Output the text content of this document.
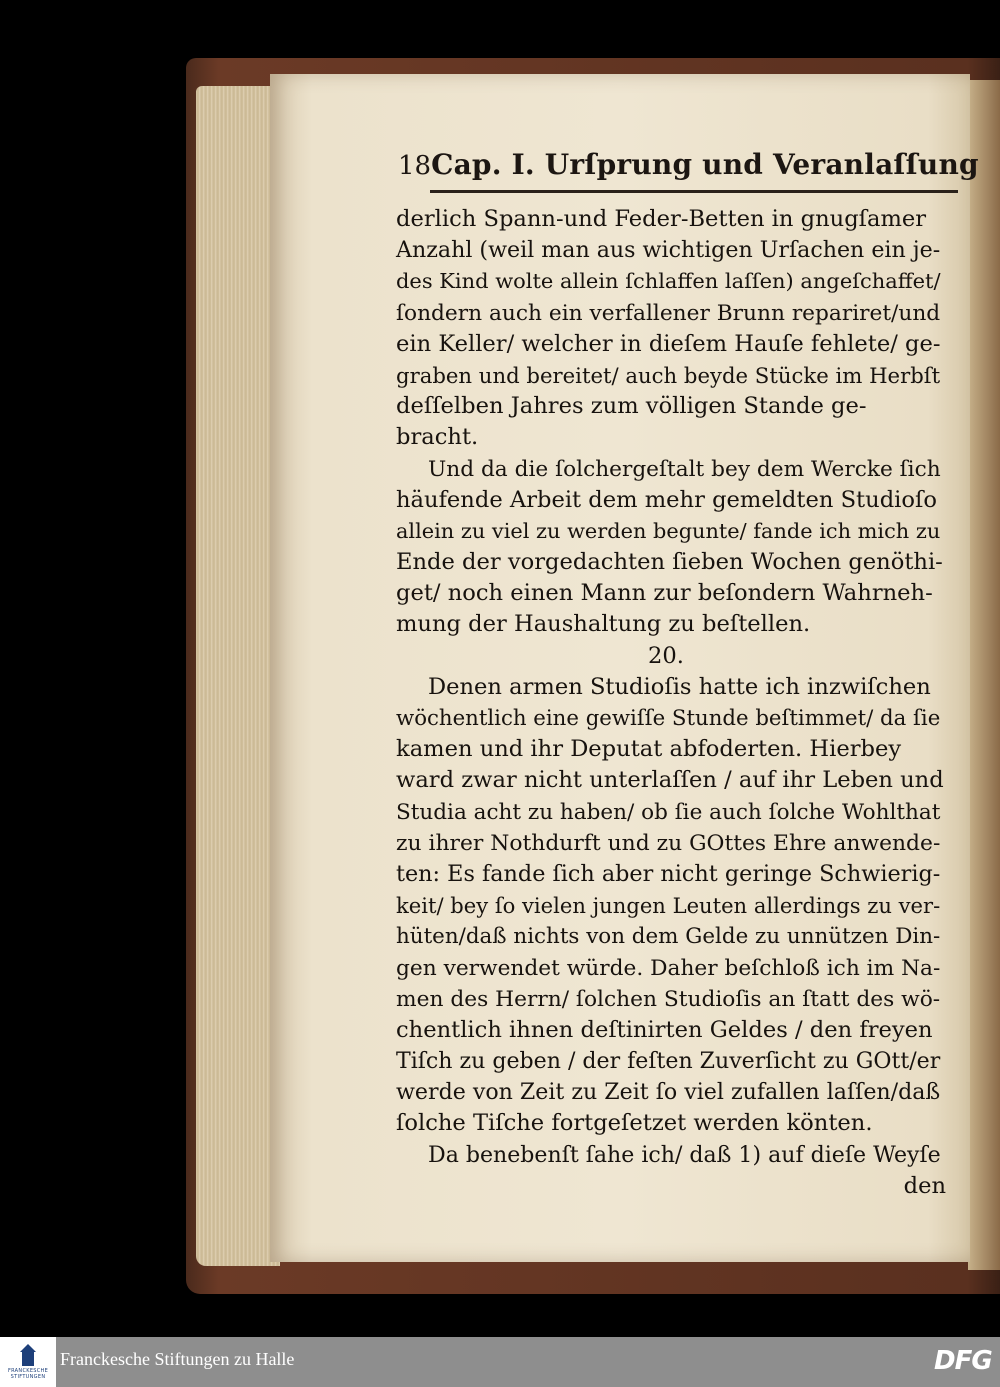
18 Cap. I. Urſprung und Veranlaſſung
derlich Spann-und Feder-Betten in gnugſamer
Anzahl (weil man aus wichtigen Urſachen ein je-
des Kind wolte allein ſchlaffen laſſen) angeſchaffet/
ſondern auch ein verfallener Brunn repariret/und
ein Keller/ welcher in dieſem Hauſe fehlete/ ge-
graben und bereitet/ auch beyde Stücke im Herbſt
deſſelben Jahres zum völligen Stande ge-
bracht.
Und da die ſolchergeſtalt bey dem Wercke ſich
häufende Arbeit dem mehr gemeldten Studioſo
allein zu viel zu werden begunte/ fande ich mich zu
Ende der vorgedachten ſieben Wochen genöthi-
get/ noch einen Mann zur beſondern Wahrneh-
mung der Haushaltung zu beſtellen.
20.
Denen armen Studioſis hatte ich inzwiſchen
wöchentlich eine gewiſſe Stunde beſtimmet/ da ſie
kamen und ihr Deputat abfoderten. Hierbey
ward zwar nicht unterlaſſen / auf ihr Leben und
Studia acht zu haben/ ob ſie auch ſolche Wohlthat
zu ihrer Nothdurft und zu GOttes Ehre anwende-
ten: Es fande ſich aber nicht geringe Schwierig-
keit/ bey ſo vielen jungen Leuten allerdings zu ver-
hüten/daß nichts von dem Gelde zu unnützen Din-
gen verwendet würde. Daher beſchloß ich im Na-
men des Herrn/ ſolchen Studioſis an ſtatt des wö-
chentlich ihnen deſtinirten Geldes / den freyen
Tiſch zu geben / der feſten Zuverſicht zu GOtt/er
werde von Zeit zu Zeit ſo viel zufallen laſſen/daß
ſolche Tiſche fortgeſetzet werden könten.
Da benebenſt ſahe ich/ daß 1) auf dieſe Weyſe
den
FRANCKESCHE
STIFTUNGEN
Franckesche Stiftungen zu Halle	DFG
